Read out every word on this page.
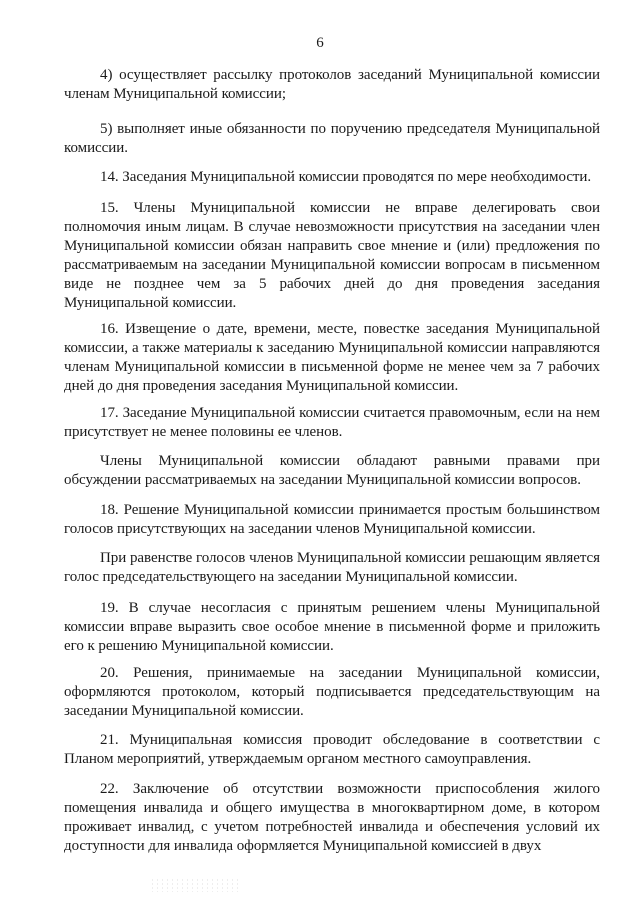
6

4) осуществляет рассылку протоколов заседаний Муниципальной комиссии членам Муниципальной комиссии;

5) выполняет иные обязанности по поручению председателя Муниципальной комиссии.

14. Заседания Муниципальной комиссии проводятся по мере необходимости.

15. Члены Муниципальной комиссии не вправе делегировать свои полномочия иным лицам. В случае невозможности присутствия на заседании член Муниципальной комиссии обязан направить свое мнение и (или) предложения по рассматриваемым на заседании Муниципальной комиссии вопросам в письменном виде не позднее чем за 5 рабочих дней до дня проведения заседания Муниципальной комиссии.

16. Извещение о дате, времени, месте, повестке заседания Муниципальной комиссии, а также материалы к заседанию Муниципальной комиссии направляются членам Муниципальной комиссии в письменной форме не менее чем за 7 рабочих дней до дня проведения заседания Муниципальной комиссии.

17. Заседание Муниципальной комиссии считается правомочным, если на нем присутствует не менее половины ее членов.

Члены Муниципальной комиссии обладают равными правами при обсуждении рассматриваемых на заседании Муниципальной комиссии вопросов.

18. Решение Муниципальной комиссии принимается простым большинством голосов присутствующих на заседании членов Муниципальной комиссии.

При равенстве голосов членов Муниципальной комиссии решающим является голос председательствующего на заседании Муниципальной комиссии.

19. В случае несогласия с принятым решением члены Муниципальной комиссии вправе выразить свое особое мнение в письменной форме и приложить его к решению Муниципальной комиссии.

20. Решения, принимаемые на заседании Муниципальной комиссии, оформляются протоколом, который подписывается председательствующим на заседании Муниципальной комиссии.

21. Муниципальная комиссия проводит обследование в соответствии с Планом мероприятий, утверждаемым органом местного самоуправления.

22. Заключение об отсутствии возможности приспособления жилого помещения инвалида и общего имущества в многоквартирном доме, в котором проживает инвалид, с учетом потребностей инвалида и обеспечения условий их доступности для инвалида оформляется Муниципальной комиссией в двух
